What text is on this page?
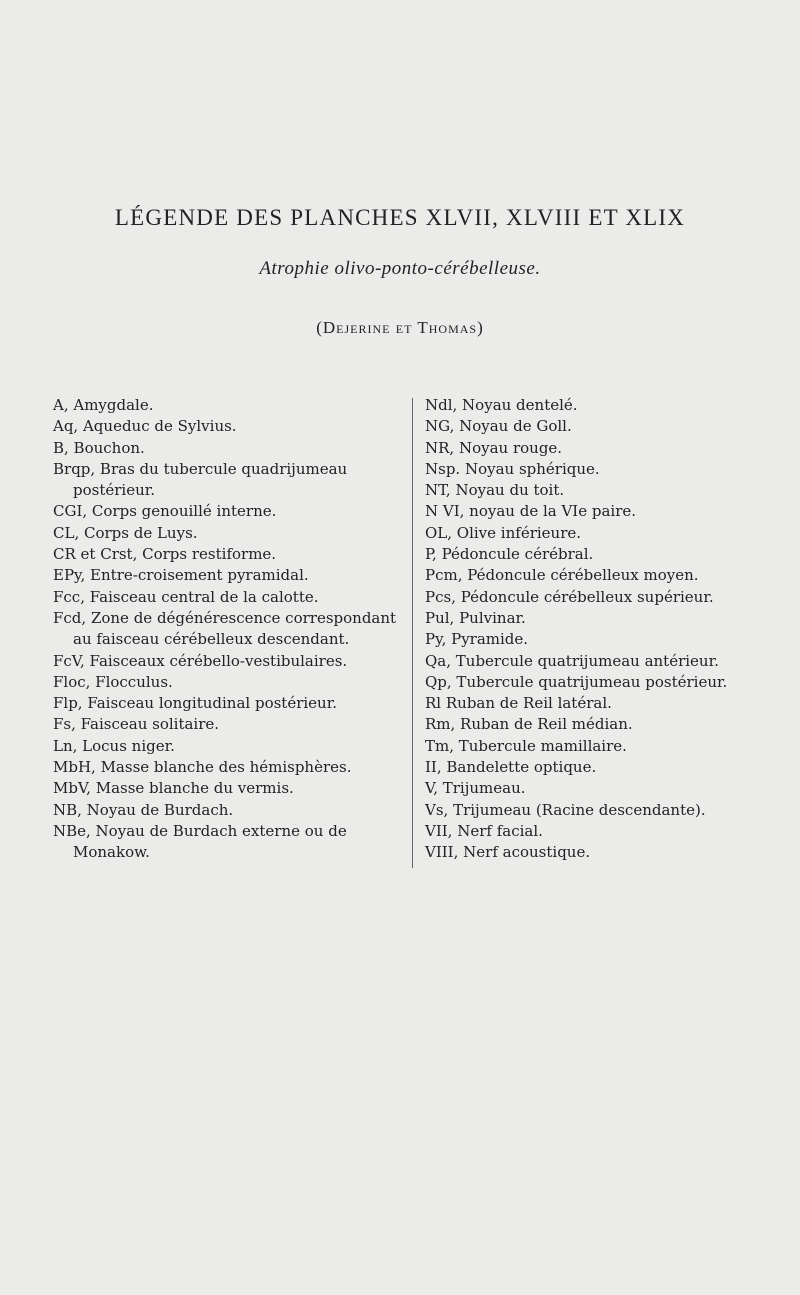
LÉGENDE DES PLANCHES XLVII, XLVIII ET XLIX
Atrophie olivo-ponto-cérébelleuse.
(Dejerine et Thomas)

A, Amygdale.

Aq, Aqueduc de Sylvius.

B, Bouchon.

Brqp, Bras du tubercule quadrijumeau postérieur.

CGI, Corps genouillé interne.

CL, Corps de Luys.

CR et Crst, Corps restiforme.

EPy, Entre-croisement pyramidal.

Fcc, Faisceau central de la calotte.

Fcd, Zone de dégénérescence correspondant au faisceau cérébelleux descendant.

FcV, Faisceaux cérébello-vestibulaires.

Floc, Flocculus.

Flp, Faisceau longitudinal postérieur.

Fs, Faisceau solitaire.

Ln, Locus niger.

MbH, Masse blanche des hémisphères.

MbV, Masse blanche du vermis.

NB, Noyau de Burdach.

NBe, Noyau de Burdach externe ou de Monakow.

Ndl, Noyau dentelé.

NG, Noyau de Goll.

NR, Noyau rouge.

Nsp. Noyau sphérique.

NT, Noyau du toit.

N VI, noyau de la VIe paire.

OL, Olive inférieure.

P, Pédoncule cérébral.

Pcm, Pédoncule cérébelleux moyen.

Pcs, Pédoncule cérébelleux supérieur.

Pul, Pulvinar.

Py, Pyramide.

Qa, Tubercule quatrijumeau antérieur.

Qp, Tubercule quatrijumeau postérieur.

Rl Ruban de Reil latéral.

Rm, Ruban de Reil médian.

Tm, Tubercule mamillaire.

II, Bandelette optique.

V, Trijumeau.

Vs, Trijumeau (Racine descendante).

VII, Nerf facial.

VIII, Nerf acoustique.
